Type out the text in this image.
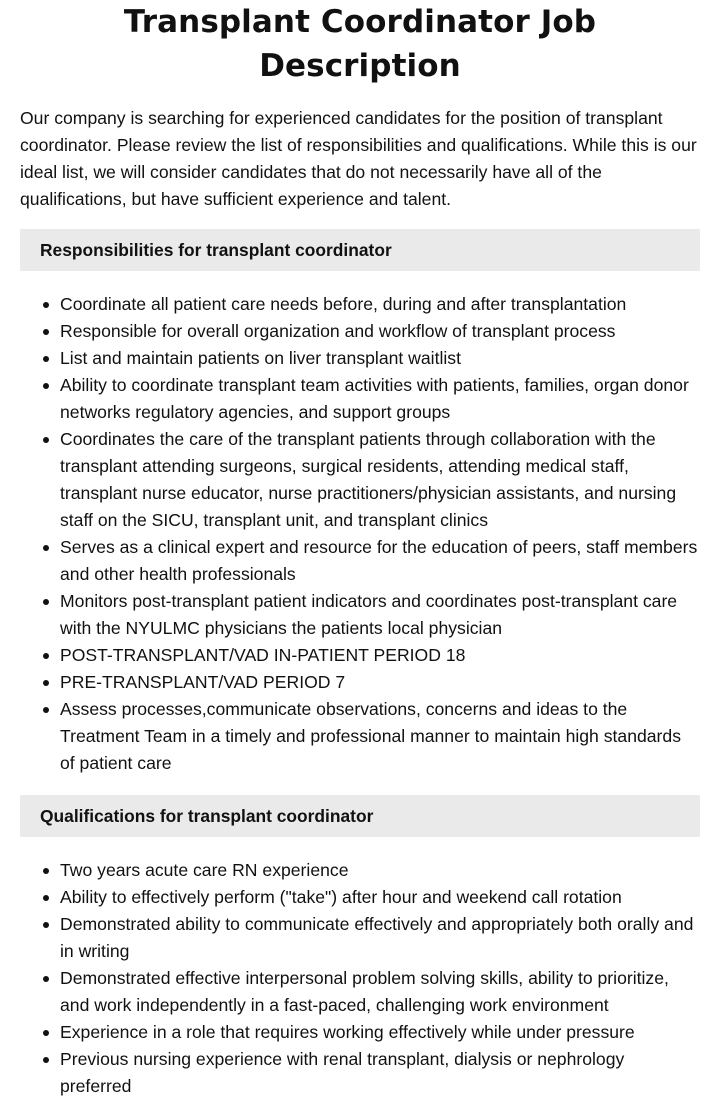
Transplant Coordinator Job Description

Our company is searching for experienced candidates for the position of transplant coordinator. Please review the list of responsibilities and qualifications. While this is our ideal list, we will consider candidates that do not necessarily have all of the qualifications, but have sufficient experience and talent.

Responsibilities for transplant coordinator
Coordinate all patient care needs before, during and after transplantation
Responsible for overall organization and workflow of transplant process
List and maintain patients on liver transplant waitlist
Ability to coordinate transplant team activities with patients, families, organ donor networks regulatory agencies, and support groups
Coordinates the care of the transplant patients through collaboration with the transplant attending surgeons, surgical residents, attending medical staff, transplant nurse educator, nurse practitioners/physician assistants, and nursing staff on the SICU, transplant unit, and transplant clinics
Serves as a clinical expert and resource for the education of peers, staff members and other health professionals
Monitors post-transplant patient indicators and coordinates post-transplant care with the NYULMC physicians the patients local physician
POST-TRANSPLANT/VAD IN-PATIENT PERIOD 18
PRE-TRANSPLANT/VAD PERIOD 7
Assess processes,communicate observations, concerns and ideas to the Treatment Team in a timely and professional manner to maintain high standards of patient care
Qualifications for transplant coordinator
Two years acute care RN experience
Ability to effectively perform ("take") after hour and weekend call rotation
Demonstrated ability to communicate effectively and appropriately both orally and in writing
Demonstrated effective interpersonal problem solving skills, ability to prioritize, and work independently in a fast-paced, challenging work environment
Experience in a role that requires working effectively while under pressure
Previous nursing experience with renal transplant, dialysis or nephrology preferred
